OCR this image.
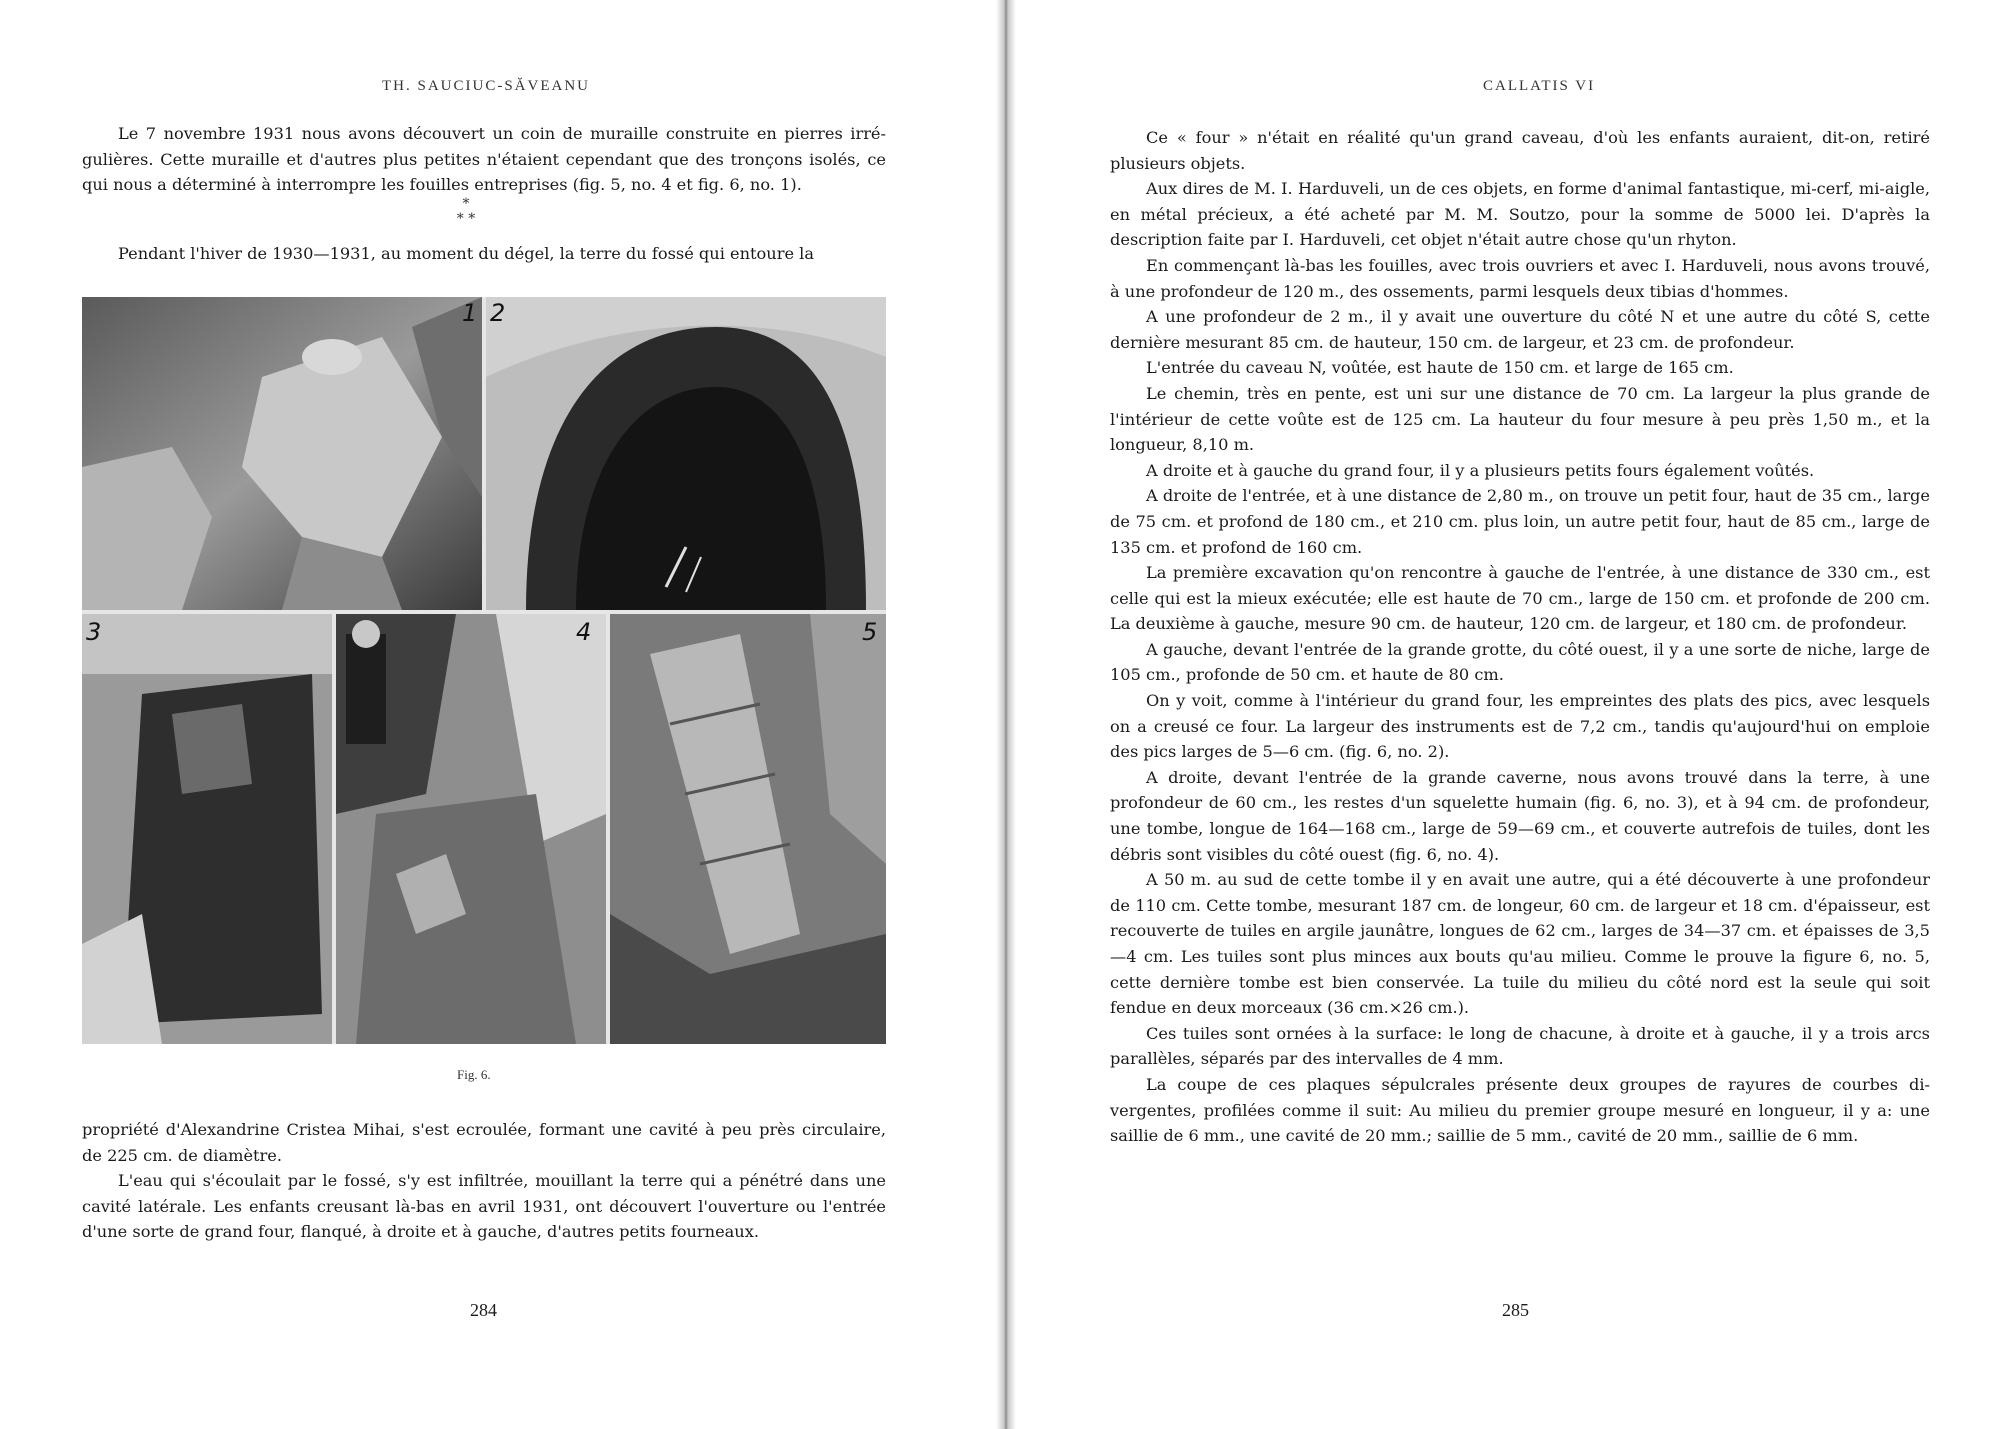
TH. SAUCIUC-SĂVEANU

Le 7 novembre 1931 nous avons découvert un coin de muraille construite en pierres irrégulières. Cette muraille et d'autres plus petites n'étaient cependant que des tronçons isolés, ce qui nous a déterminé à interrompre les fouilles entreprises (fig. 5, no. 4 et fig. 6, no. 1).

*
* *

Pendant l'hiver de 1930—1931, au moment du dégel, la terre du fossé qui entoure la

1 2
3	4	5
Fig. 6.

propriété d'Alexandrine Cristea Mihai, s'est ecroulée, formant une cavité à peu près circulaire, de 225 cm. de diamètre.

L'eau qui s'écoulait par le fossé, s'y est infiltrée, mouillant la terre qui a pénétré dans une cavité latérale. Les enfants creusant là-bas en avril 1931, ont découvert l'ouverture ou l'entrée d'une sorte de grand four, flanqué, à droite et à gauche, d'autres petits fourneaux.

284
CALLATIS VI

Ce « four » n'était en réalité qu'un grand caveau, d'où les enfants auraient, dit-on, retiré plusieurs objets.

Aux dires de M. I. Harduveli, un de ces objets, en forme d'animal fantastique, mi-cerf, mi-aigle, en métal précieux, a été acheté par M. M. Soutzo, pour la somme de 5000 lei. D'après la description faite par I. Harduveli, cet objet n'était autre chose qu'un rhyton.

En commençant là-bas les fouilles, avec trois ouvriers et avec I. Harduveli, nous avons trouvé, à une profondeur de 120 m., des ossements, parmi lesquels deux tibias d'hommes.

A une profondeur de 2 m., il y avait une ouverture du côté N et une autre du côté S, cette dernière mesurant 85 cm. de hauteur, 150 cm. de largeur, et 23 cm. de profondeur.

L'entrée du caveau N, voûtée, est haute de 150 cm. et large de 165 cm.

Le chemin, très en pente, est uni sur une distance de 70 cm. La largeur la plus grande de l'intérieur de cette voûte est de 125 cm. La hauteur du four mesure à peu près 1,50 m., et la longueur, 8,10 m.

A droite et à gauche du grand four, il y a plusieurs petits fours également voûtés.

A droite de l'entrée, et à une distance de 2,80 m., on trouve un petit four, haut de 35 cm., large de 75 cm. et profond de 180 cm., et 210 cm. plus loin, un autre petit four, haut de 85 cm., large de 135 cm. et profond de 160 cm.

La première excavation qu'on rencontre à gauche de l'entrée, à une distance de 330 cm., est celle qui est la mieux exécutée; elle est haute de 70 cm., large de 150 cm. et profonde de 200 cm. La deuxième à gauche, mesure 90 cm. de hauteur, 120 cm. de largeur, et 180 cm. de profondeur.

A gauche, devant l'entrée de la grande grotte, du côté ouest, il y a une sorte de niche, large de 105 cm., profonde de 50 cm. et haute de 80 cm.

On y voit, comme à l'intérieur du grand four, les empreintes des plats des pics, avec lesquels on a creusé ce four. La largeur des instruments est de 7,2 cm., tandis qu'aujourd'hui on emploie des pics larges de 5—6 cm. (fig. 6, no. 2).

A droite, devant l'entrée de la grande caverne, nous avons trouvé dans la terre, à une profondeur de 60 cm., les restes d'un squelette humain (fig. 6, no. 3), et à 94 cm. de profondeur, une tombe, longue de 164—168 cm., large de 59—69 cm., et couverte autrefois de tuiles, dont les débris sont visibles du côté ouest (fig. 6, no. 4).

A 50 m. au sud de cette tombe il y en avait une autre, qui a été découverte à une profondeur de 110 cm. Cette tombe, mesurant 187 cm. de longeur, 60 cm. de largeur et 18 cm. d'épaisseur, est recouverte de tuiles en argile jaunâtre, longues de 62 cm., larges de 34—37 cm. et épaisses de 3,5—4 cm. Les tuiles sont plus minces aux bouts qu'au milieu. Comme le prouve la figure 6, no. 5, cette dernière tombe est bien conservée. La tuile du milieu du côté nord est la seule qui soit fendue en deux morceaux (36 cm.×26 cm.).

Ces tuiles sont ornées à la surface: le long de chacune, à droite et à gauche, il y a trois arcs parallèles, séparés par des intervalles de 4 mm.

La coupe de ces plaques sépulcrales présente deux groupes de rayures de courbes divergentes, profilées comme il suit: Au milieu du premier groupe mesuré en longueur, il y a: une saillie de 6 mm., une cavité de 20 mm.; saillie de 5 mm., cavité de 20 mm., saillie de 6 mm.

285
